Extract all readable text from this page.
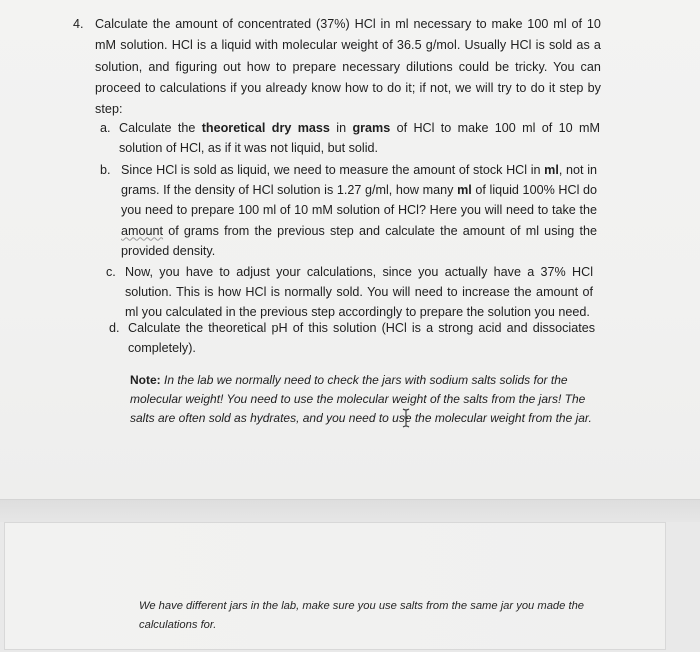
4. Calculate the amount of concentrated (37%) HCl in ml necessary to make 100 ml of 10 mM solution. HCl is a liquid with molecular weight of 36.5 g/mol. Usually HCl is sold as a solution, and figuring out how to prepare necessary dilutions could be tricky. You can proceed to calculations if you already know how to do it; if not, we will try to do it step by step:
a. Calculate the theoretical dry mass in grams of HCl to make 100 ml of 10 mM solution of HCl, as if it was not liquid, but solid.
b. Since HCl is sold as liquid, we need to measure the amount of stock HCl in ml, not in grams. If the density of HCl solution is 1.27 g/ml, how many ml of liquid 100% HCl do you need to prepare 100 ml of 10 mM solution of HCl? Here you will need to take the amount of grams from the previous step and calculate the amount of ml using the provided density.
c. Now, you have to adjust your calculations, since you actually have a 37% HCl solution. This is how HCl is normally sold. You will need to increase the amount of ml you calculated in the previous step accordingly to prepare the solution you need.
d. Calculate the theoretical pH of this solution (HCl is a strong acid and dissociates completely).
Note: In the lab we normally need to check the jars with sodium salts solids for the molecular weight! You need to use the molecular weight of the salts from the jars! The salts are often sold as hydrates, and you need to use the molecular weight from the jar.
We have different jars in the lab, make sure you use salts from the same jar you made the calculations for.
